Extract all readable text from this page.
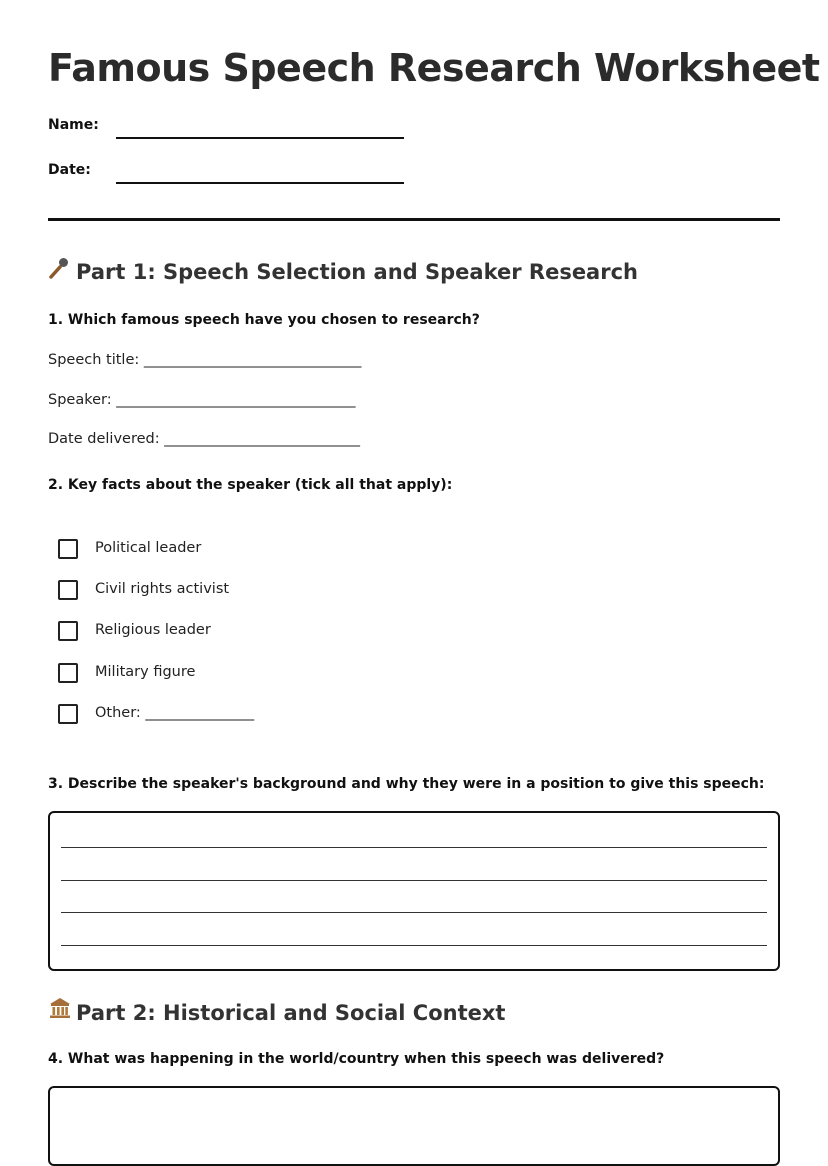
Famous Speech Research Worksheet
Name:
Date:
Part 1: Speech Selection and Speaker Research
1. Which famous speech have you chosen to research?
Speech title: ______________________________
Speaker: _________________________________
Date delivered: ___________________________
2. Key facts about the speaker (tick all that apply):
Political leader
Civil rights activist
Religious leader
Military figure
Other: _______________
3. Describe the speaker's background and why they were in a position to give this speech:
Part 2: Historical and Social Context
4. What was happening in the world/country when this speech was delivered?
